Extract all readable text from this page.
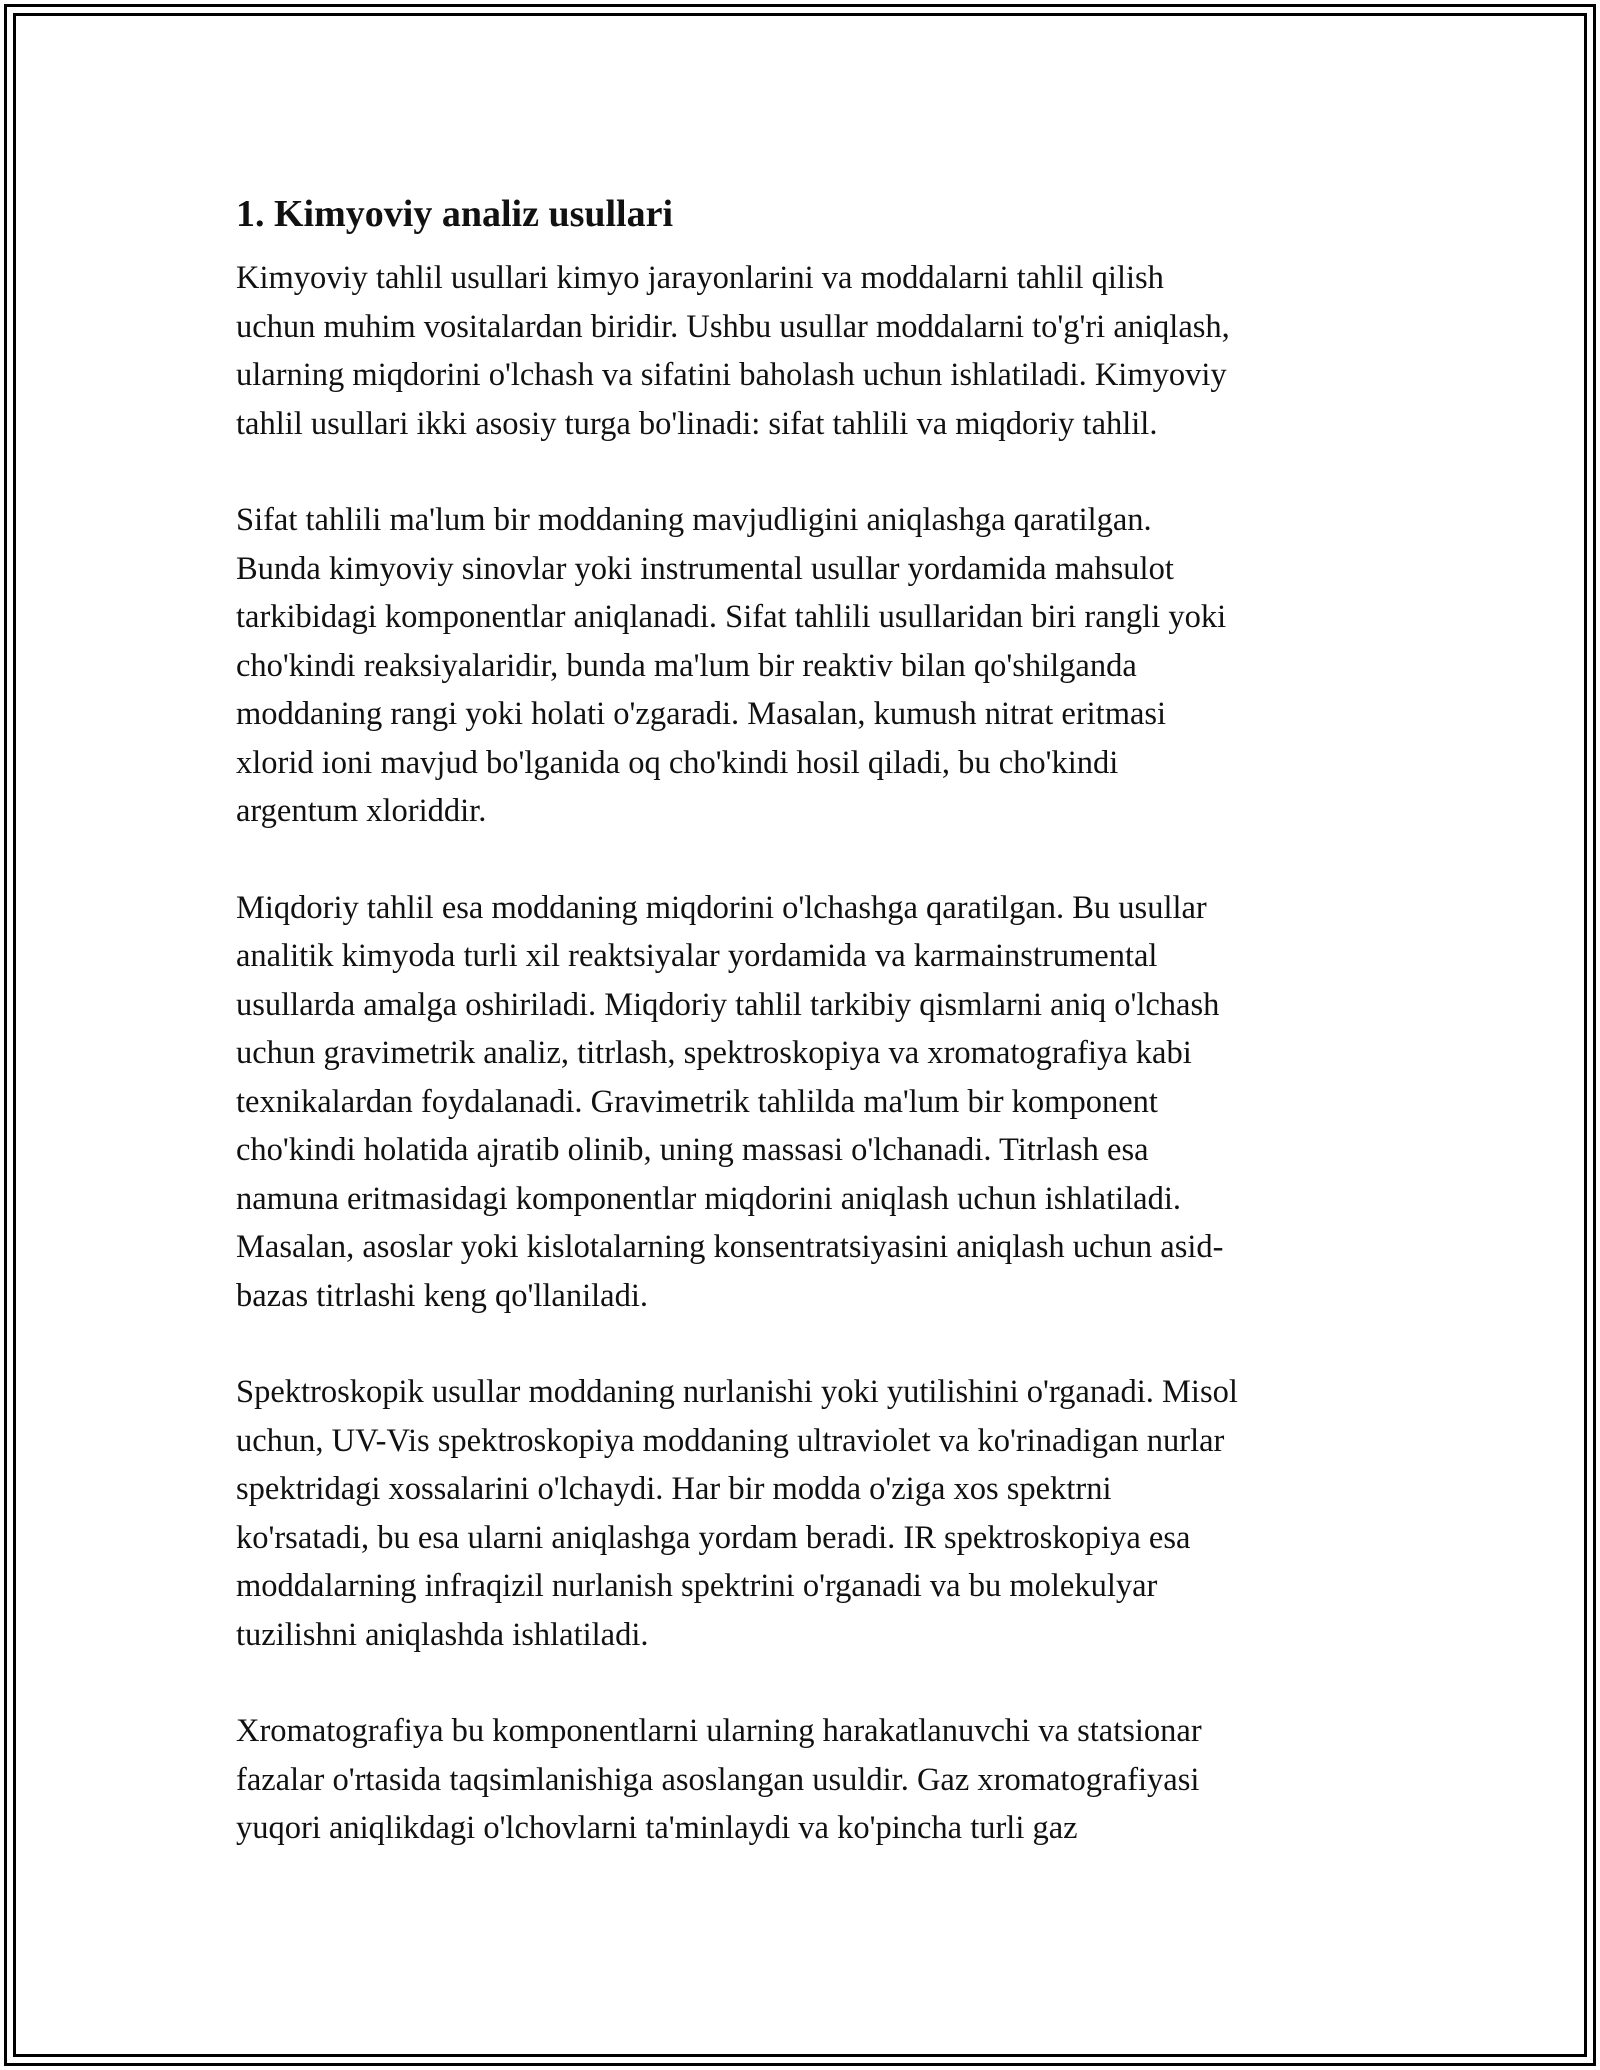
1. Kimyoviy analiz usullari

Kimyoviy tahlil usullari kimyo jarayonlarini va moddalarni tahlil qilish
uchun muhim vositalardan biridir. Ushbu usullar moddalarni to'g'ri aniqlash,
ularning miqdorini o'lchash va sifatini baholash uchun ishlatiladi. Kimyoviy
tahlil usullari ikki asosiy turga bo'linadi: sifat tahlili va miqdoriy tahlil.

Sifat tahlili ma'lum bir moddaning mavjudligini aniqlashga qaratilgan.
Bunda kimyoviy sinovlar yoki instrumental usullar yordamida mahsulot
tarkibidagi komponentlar aniqlanadi. Sifat tahlili usullaridan biri rangli yoki
cho'kindi reaksiyalaridir, bunda ma'lum bir reaktiv bilan qo'shilganda
moddaning rangi yoki holati o'zgaradi. Masalan, kumush nitrat eritmasi
xlorid ioni mavjud bo'lganida oq cho'kindi hosil qiladi, bu cho'kindi
argentum xloriddir.

Miqdoriy tahlil esa moddaning miqdorini o'lchashga qaratilgan. Bu usullar
analitik kimyoda turli xil reaktsiyalar yordamida va karmainstrumental
usullarda amalga oshiriladi. Miqdoriy tahlil tarkibiy qismlarni aniq o'lchash
uchun gravimetrik analiz, titrlash, spektroskopiya va xromatografiya kabi
texnikalardan foydalanadi. Gravimetrik tahlilda ma'lum bir komponent
cho'kindi holatida ajratib olinib, uning massasi o'lchanadi. Titrlash esa
namuna eritmasidagi komponentlar miqdorini aniqlash uchun ishlatiladi.
Masalan, asoslar yoki kislotalarning konsentratsiyasini aniqlash uchun asid-
bazas titrlashi keng qo'llaniladi.

Spektroskopik usullar moddaning nurlanishi yoki yutilishini o'rganadi. Misol
uchun, UV-Vis spektroskopiya moddaning ultraviolet va ko'rinadigan nurlar
spektridagi xossalarini o'lchaydi. Har bir modda o'ziga xos spektrni
ko'rsatadi, bu esa ularni aniqlashga yordam beradi. IR spektroskopiya esa
moddalarning infraqizil nurlanish spektrini o'rganadi va bu molekulyar
tuzilishni aniqlashda ishlatiladi.

Xromatografiya bu komponentlarni ularning harakatlanuvchi va statsionar
fazalar o'rtasida taqsimlanishiga asoslangan usuldir. Gaz xromatografiyasi
yuqori aniqlikdagi o'lchovlarni ta'minlaydi va ko'pincha turli gaz
